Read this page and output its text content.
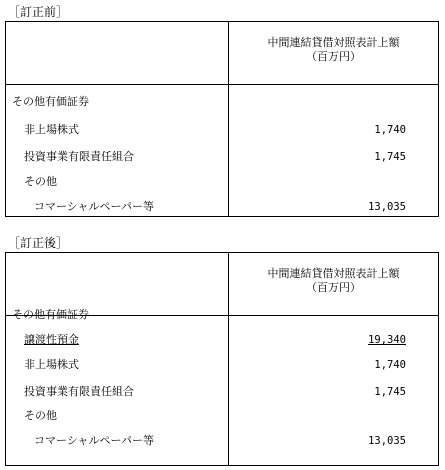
［訂正前］
中間連結貸借対照表計上額
（百万円）
その他有価証券
非上場株式	1,740
投資事業有限責任組合	1,745
その他
コマーシャルペーパー等	13,035
［訂正後］
中間連結貸借対照表計上額
（百万円）
その他有価証券
譲渡性預金	19,340
非上場株式	1,740
投資事業有限責任組合	1,745
その他
コマーシャルペーパー等	13,035
